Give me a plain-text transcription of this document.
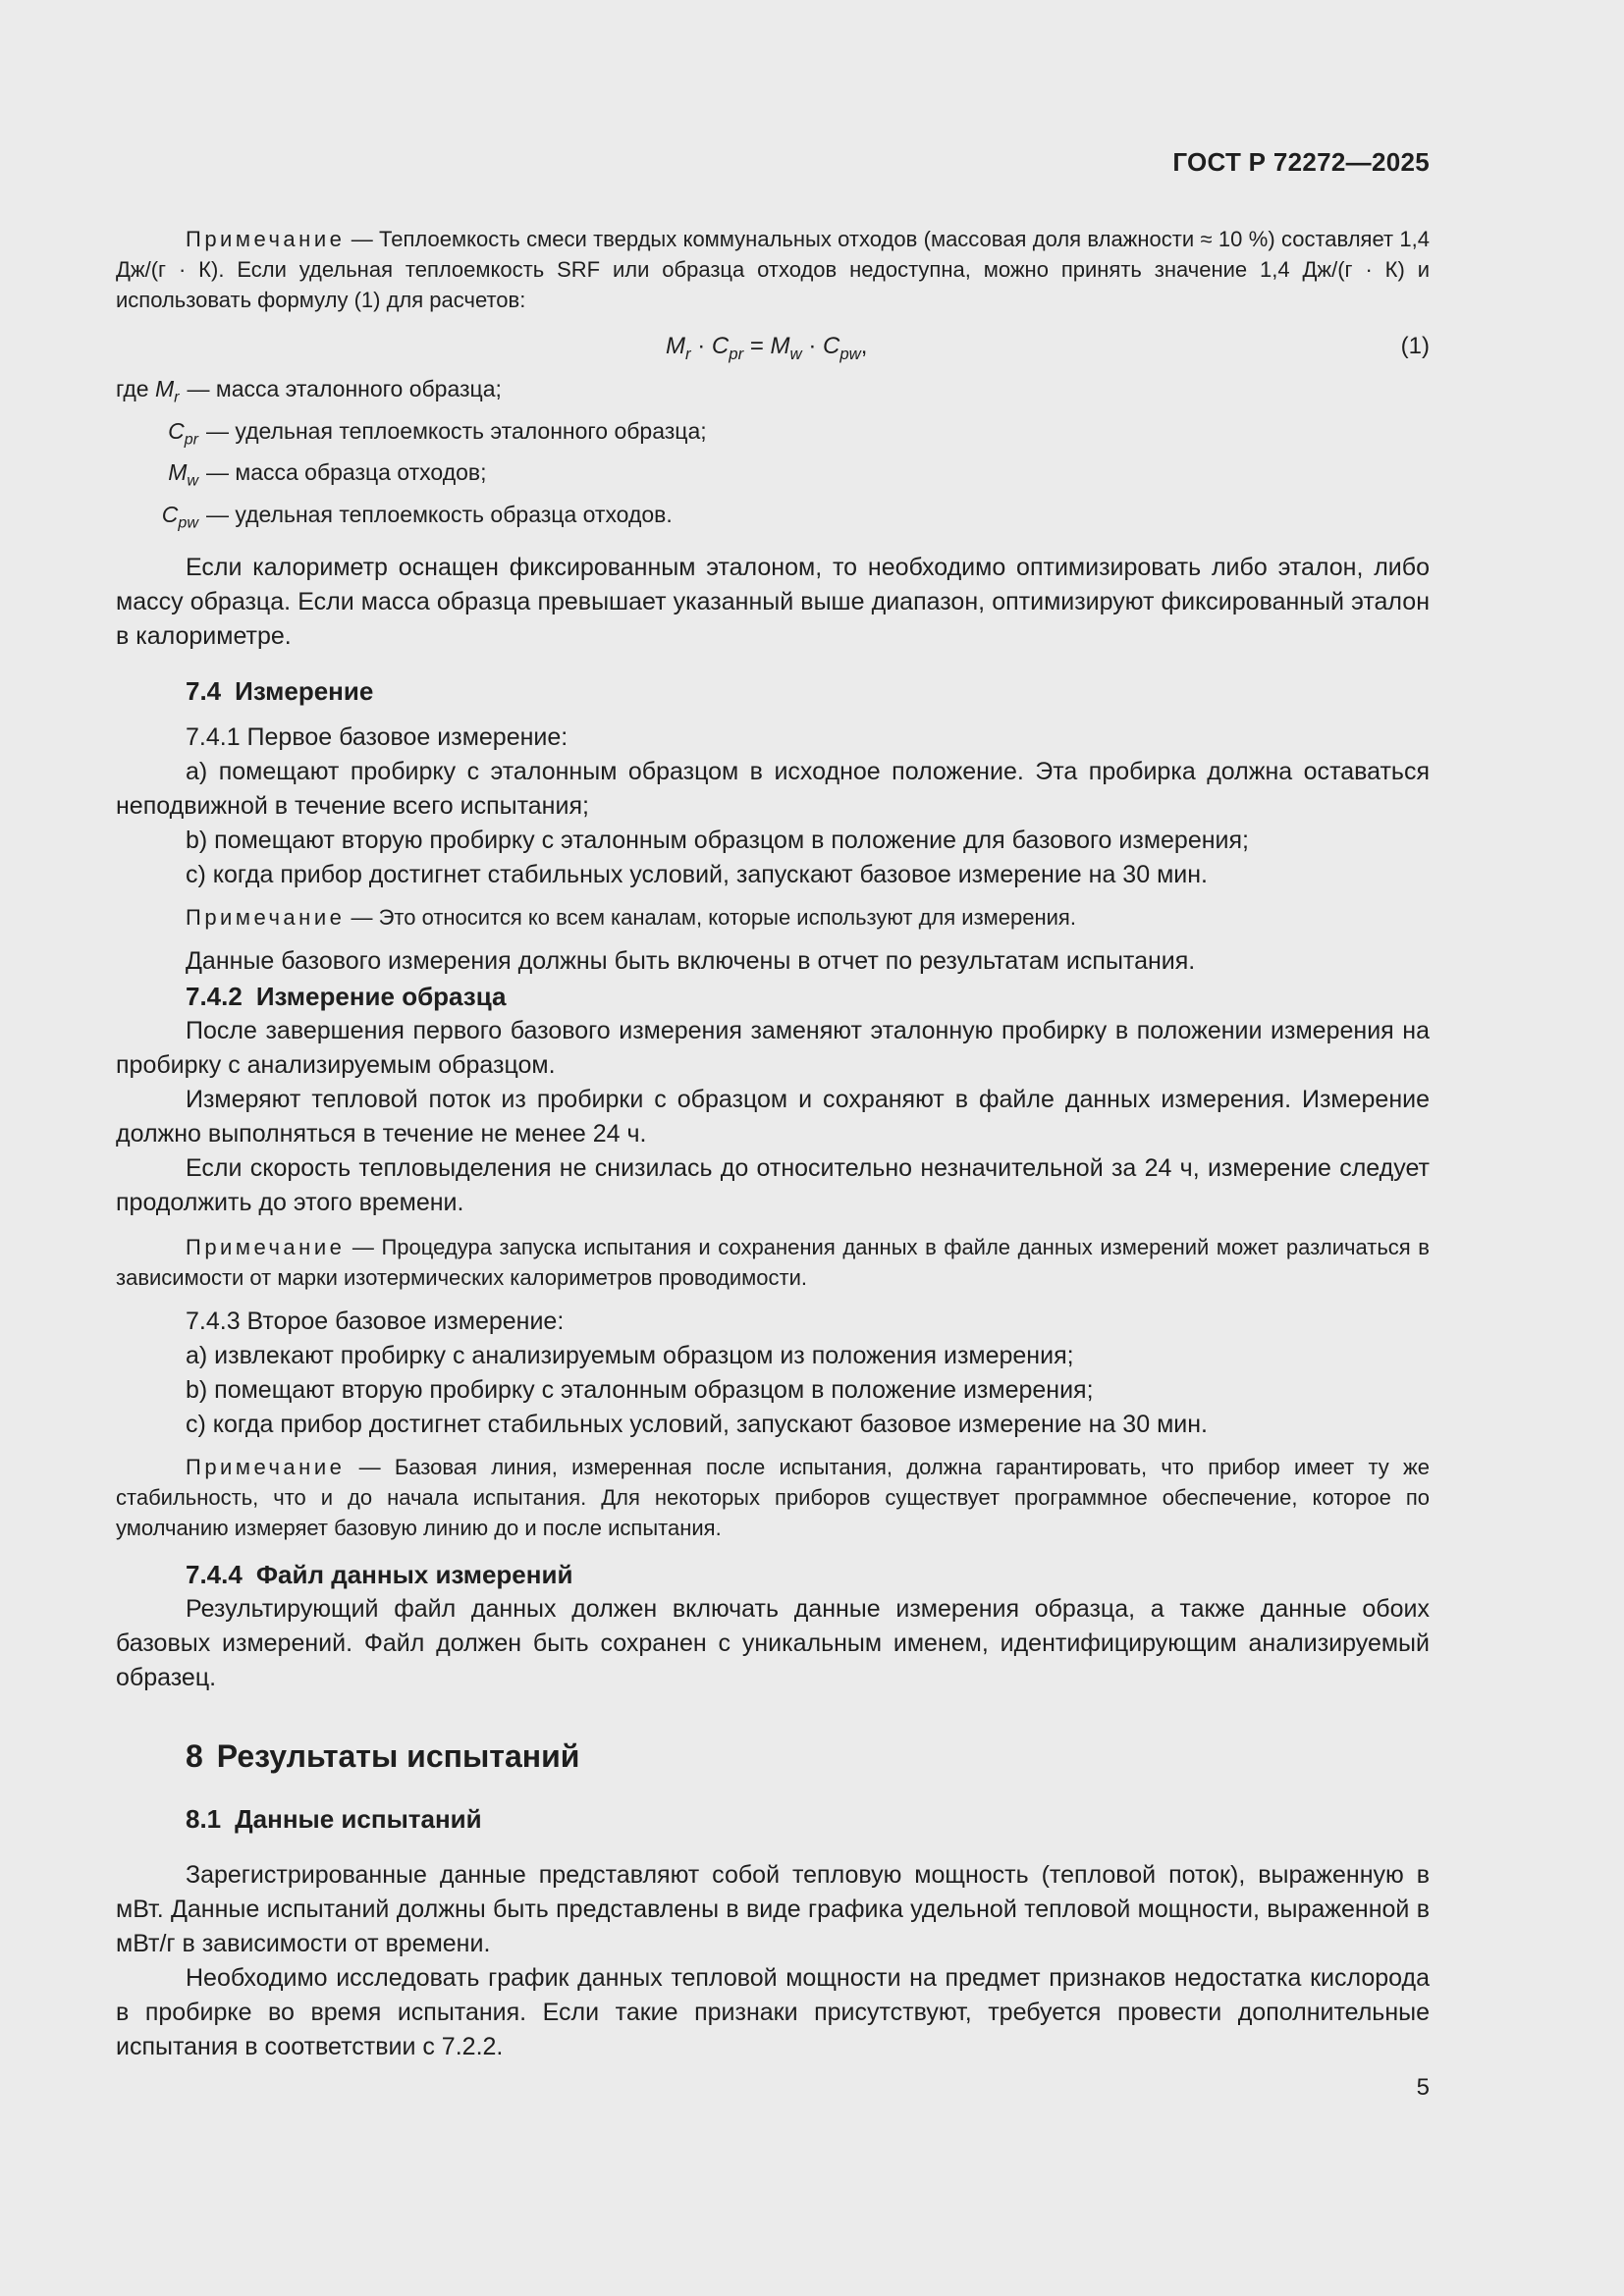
ГОСТ Р 72272—2025

Примечание — Теплоемкость смеси твердых коммунальных отходов (массовая доля влажности ≈ 10 %) составляет 1,4 Дж/(г · К). Если удельная теплоемкость SRF или образца отходов недоступна, можно принять значение 1,4 Дж/(г · К) и использовать формулу (1) для расчетов:

$M_r \cdot C_{pr} = M_w \cdot C_{pw}$,	(1)
где $M_r$ — масса эталонного образца;
$C_{pr}$ — удельная теплоемкость эталонного образца;
$M_w$ — масса образца отходов;
$C_{pw}$ — удельная теплоемкость образца отходов.

Если калориметр оснащен фиксированным эталоном, то необходимо оптимизировать либо эталон, либо массу образца. Если масса образца превышает указанный выше диапазон, оптимизируют фиксированный эталон в калориметре.

7.4 Измерение

7.4.1 Первое базовое измерение:

a) помещают пробирку с эталонным образцом в исходное положение. Эта пробирка должна оставаться неподвижной в течение всего испытания;

b) помещают вторую пробирку с эталонным образцом в положение для базового измерения;

c) когда прибор достигнет стабильных условий, запускают базовое измерение на 30 мин.

Примечание — Это относится ко всем каналам, которые используют для измерения.

Данные базового измерения должны быть включены в отчет по результатам испытания.

7.4.2 Измерение образца

После завершения первого базового измерения заменяют эталонную пробирку в положении измерения на пробирку с анализируемым образцом.

Измеряют тепловой поток из пробирки с образцом и сохраняют в файле данных измерения. Измерение должно выполняться в течение не менее 24 ч.

Если скорость тепловыделения не снизилась до относительно незначительной за 24 ч, измерение следует продолжить до этого времени.

Примечание — Процедура запуска испытания и сохранения данных в файле данных измерений может различаться в зависимости от марки изотермических калориметров проводимости.

7.4.3 Второе базовое измерение:

a) извлекают пробирку с анализируемым образцом из положения измерения;

b) помещают вторую пробирку с эталонным образцом в положение измерения;

c) когда прибор достигнет стабильных условий, запускают базовое измерение на 30 мин.

Примечание — Базовая линия, измеренная после испытания, должна гарантировать, что прибор имеет ту же стабильность, что и до начала испытания. Для некоторых приборов существует программное обеспечение, которое по умолчанию измеряет базовую линию до и после испытания.

7.4.4 Файл данных измерений

Результирующий файл данных должен включать данные измерения образца, а также данные обоих базовых измерений. Файл должен быть сохранен с уникальным именем, идентифицирующим анализируемый образец.

8 Результаты испытаний
8.1 Данные испытаний

Зарегистрированные данные представляют собой тепловую мощность (тепловой поток), выраженную в мВт. Данные испытаний должны быть представлены в виде графика удельной тепловой мощности, выраженной в мВт/г в зависимости от времени.

Необходимо исследовать график данных тепловой мощности на предмет признаков недостатка кислорода в пробирке во время испытания. Если такие признаки присутствуют, требуется провести дополнительные испытания в соответствии с 7.2.2.

5
